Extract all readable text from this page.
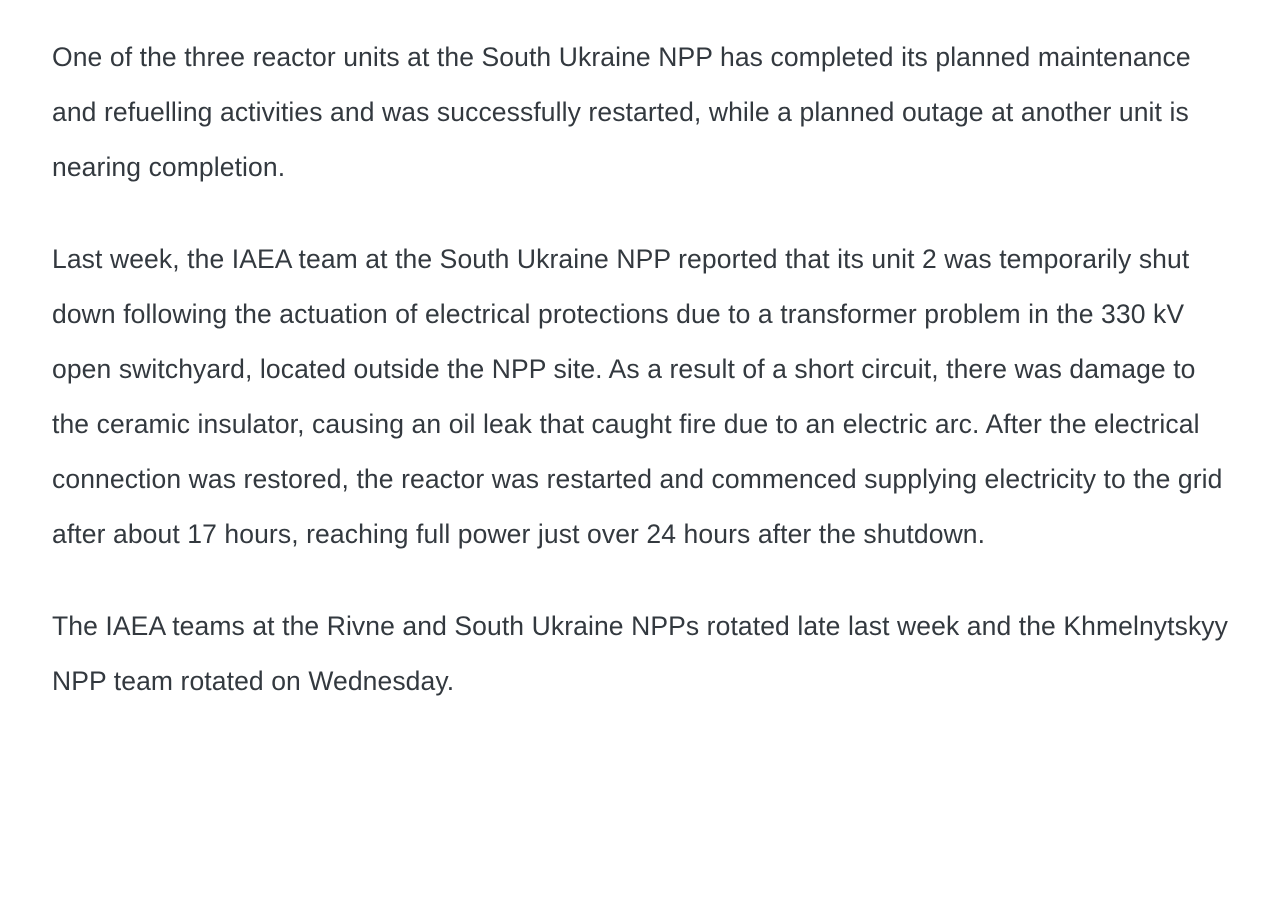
One of the three reactor units at the South Ukraine NPP has completed its planned maintenance and refuelling activities and was successfully restarted, while a planned outage at another unit is nearing completion.

Last week, the IAEA team at the South Ukraine NPP reported that its unit 2 was temporarily shut down following the actuation of electrical protections due to a transformer problem in the 330 kV open switchyard, located outside the NPP site. As a result of a short circuit, there was damage to the ceramic insulator, causing an oil leak that caught fire due to an electric arc. After the electrical connection was restored, the reactor was restarted and commenced supplying electricity to the grid after about 17 hours, reaching full power just over 24 hours after the shutdown.

The IAEA teams at the Rivne and South Ukraine NPPs rotated late last week and the Khmelnytskyy NPP team rotated on Wednesday.
